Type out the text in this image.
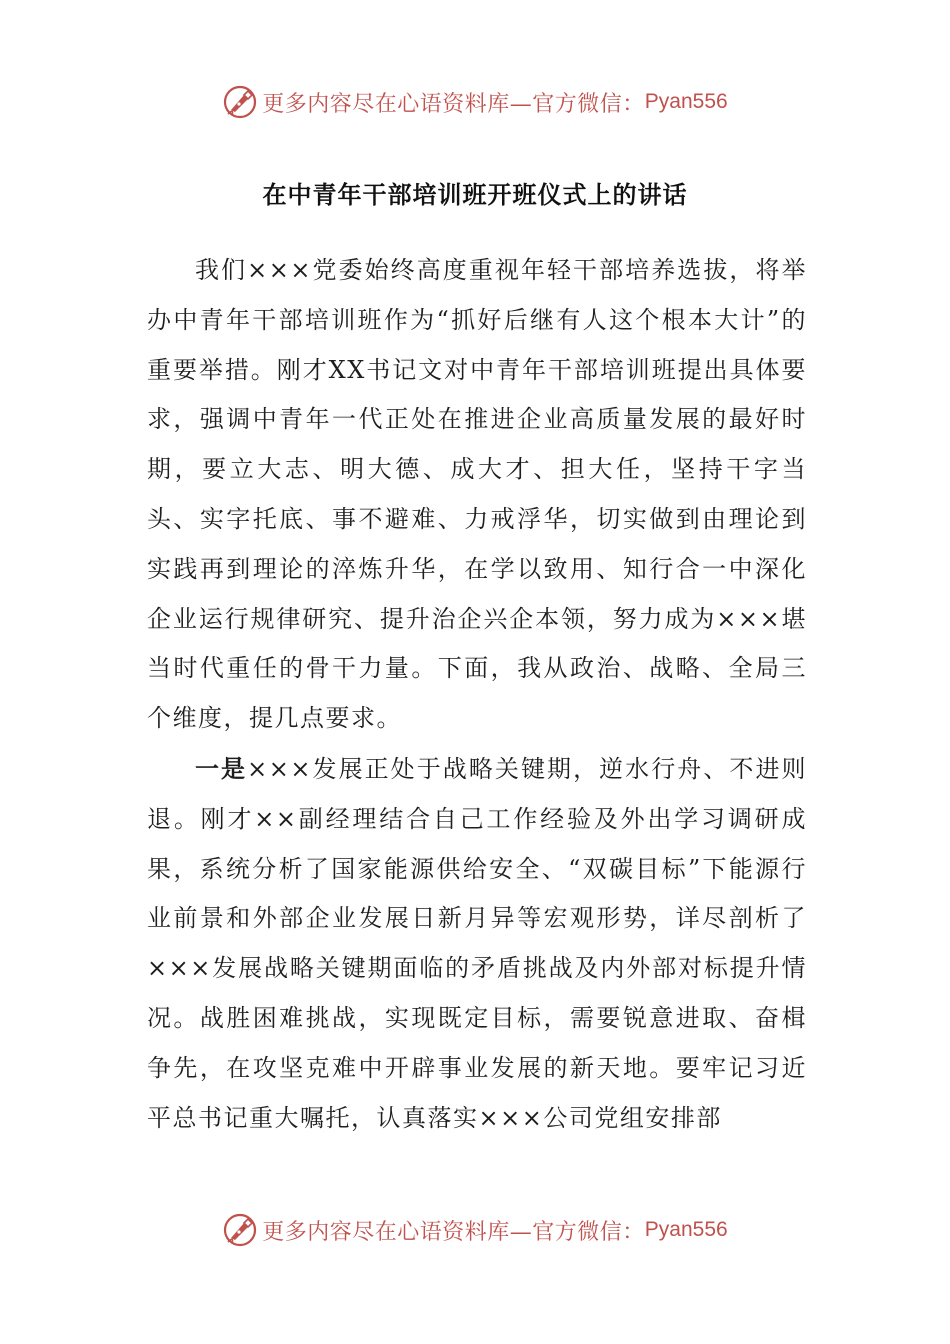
更多内容尽在心语资料库—官方微信： Pyan556
在中青年干部培训班开班仪式上的讲话

我们×××党委始终高度重视年轻干部培养选拔，将举办中青年干部培训班作为“抓好后继有人这个根本大计”的重要举措。刚才XX书记文对中青年干部培训班提出具体要求，强调中青年一代正处在推进企业高质量发展的最好时期，要立大志、明大德、成大才、担大任，坚持干字当头、实字托底、事不避难、力戒浮华，切实做到由理论到实践再到理论的淬炼升华，在学以致用、知行合一中深化企业运行规律研究、提升治企兴企本领，努力成为×××堪当时代重任的骨干力量。下面，我从政治、战略、全局三个维度，提几点要求。

一是×××发展正处于战略关键期，逆水行舟、不进则退。刚才××副经理结合自己工作经验及外出学习调研成果，系统分析了国家能源供给安全、“双碳目标”下能源行业前景和外部企业发展日新月异等宏观形势，详尽剖析了×××发展战略关键期面临的矛盾挑战及内外部对标提升情况。战胜困难挑战，实现既定目标，需要锐意进取、奋楫争先，在攻坚克难中开辟事业发展的新天地。要牢记习近平总书记重大嘱托，认真落实×××公司党组安排部

更多内容尽在心语资料库—官方微信： Pyan556
